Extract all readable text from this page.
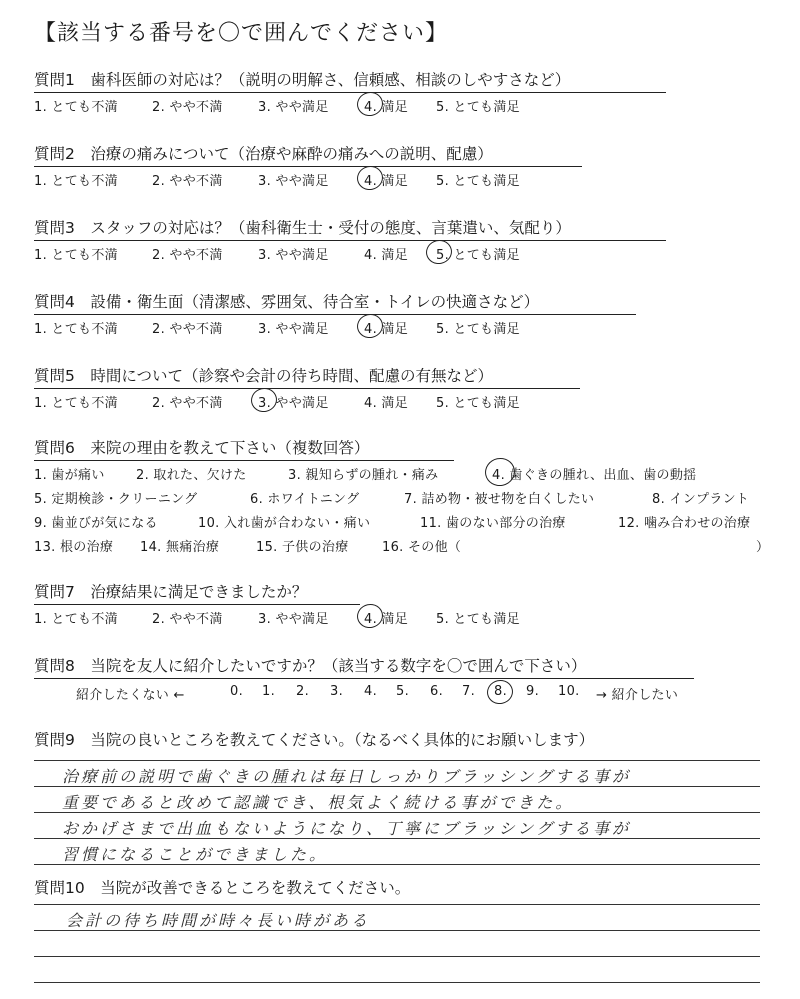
【該当する番号を〇で囲んでください】
質問1　歯科医師の対応は？（説明の明解さ、信頼感、相談のしやすさなど）
1. とても不満	2. やや不満	3. やや満足	4. 満足 5. とても満足
質問2　治療の痛みについて（治療や麻酔の痛みへの説明、配慮）
1. とても不満	2. やや不満	3. やや満足	4. 満足 5. とても満足
質問3　スタッフの対応は？（歯科衛生士・受付の態度、言葉遣い、気配り）
1. とても不満	2. やや不満	3. やや満足	4. 満足 5. とても満足
質問4　設備・衛生面（清潔感、雰囲気、待合室・トイレの快適さなど）
1. とても不満	2. やや不満	3. やや満足	4. 満足 5. とても満足
質問5　時間について（診察や会計の待ち時間、配慮の有無など）
1. とても不満	2. やや不満	3. やや満足	4. 満足 5. とても満足
質問6　来院の理由を教えて下さい（複数回答）
1. 歯が痛い 2. 取れた、欠けた	3. 親知らずの腫れ・痛み	4. 歯ぐきの腫れ、出血、歯の動揺
5. 定期検診・クリーニング	6. ホワイトニング	7. 詰め物・被せ物を白くしたい	8. インプラント
9. 歯並びが気になる	10. 入れ歯が合わない・痛い	11. 歯のない部分の治療	12. 噛み合わせの治療
13. 根の治療 14. 無痛治療	15. 子供の治療	16. その他（	）
質問7　治療結果に満足できましたか？
1. とても不満	2. やや不満	3. やや満足	4. 満足 5. とても満足
質問8　当院を友人に紹介したいですか？（該当する数字を〇で囲んで下さい）
紹介したくない ←	0. 1. 2. 3. 4. 5. 6. 7. 8. 9. 10. → 紹介したい
質問9　当院の良いところを教えてください。（なるべく具体的にお願いします）
治療前の説明で歯ぐきの腫れは毎日しっかりブラッシングする事が
重要であると改めて認識でき、根気よく続ける事ができた。
おかげさまで出血もないようになり、丁寧にブラッシングする事が
習慣になることができました。
質問10　当院が改善できるところを教えてください。
会計の待ち時間が時々長い時がある
